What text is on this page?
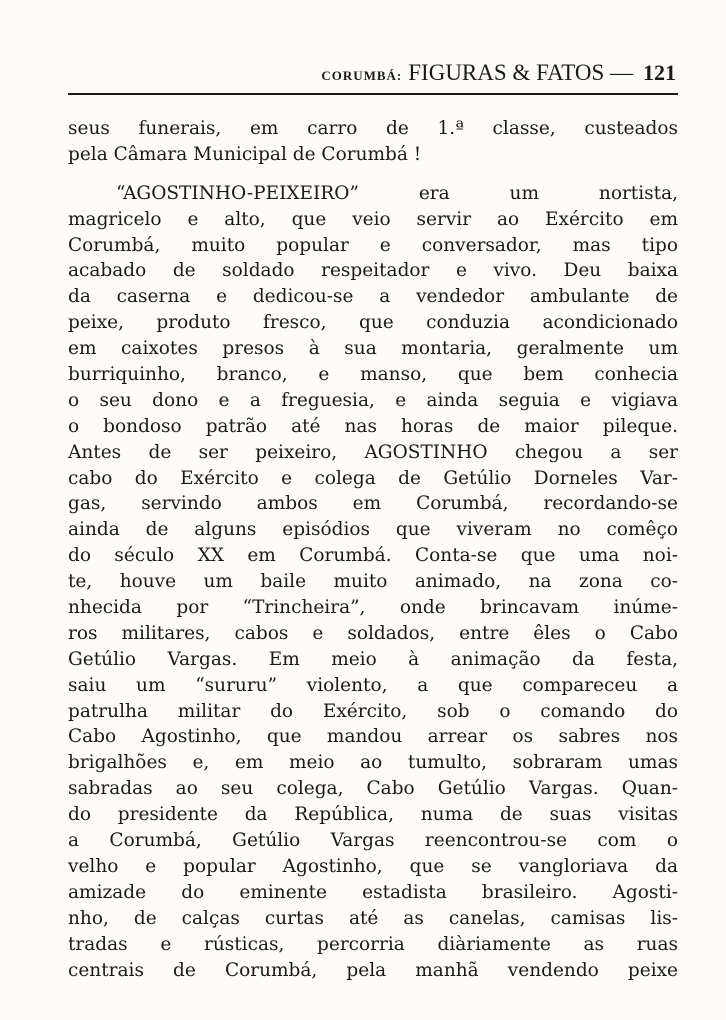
CORUMBÁ: FIGURAS & FATOS — 121
seus funerais, em carro de 1.ª classe, custeados
pela Câmara Municipal de Corumbá !
“AGOSTINHO-PEIXEIRO” era um nortista,
magricelo e alto, que veio servir ao Exército em
Corumbá, muito popular e conversador, mas tipo
acabado de soldado respeitador e vivo. Deu baixa
da caserna e dedicou-se a vendedor ambulante de
peixe, produto fresco, que conduzia acondicionado
em caixotes presos à sua montaria, geralmente um
burriquinho, branco, e manso, que bem conhecia
o seu dono e a freguesia, e ainda seguia e vigiava
o bondoso patrão até nas horas de maior pileque.
Antes de ser peixeiro, AGOSTINHO chegou a ser
cabo do Exército e colega de Getúlio Dorneles Var-
gas, servindo ambos em Corumbá, recordando-se
ainda de alguns episódios que viveram no comêço
do século XX em Corumbá. Conta-se que uma noi-
te, houve um baile muito animado, na zona co-
nhecida por “Trincheira”, onde brincavam inúme-
ros militares, cabos e soldados, entre êles o Cabo
Getúlio Vargas. Em meio à animação da festa,
saiu um “sururu” violento, a que compareceu a
patrulha militar do Exército, sob o comando do
Cabo Agostinho, que mandou arrear os sabres nos
brigalhões e, em meio ao tumulto, sobraram umas
sabradas ao seu colega, Cabo Getúlio Vargas. Quan-
do presidente da República, numa de suas visitas
a Corumbá, Getúlio Vargas reencontrou-se com o
velho e popular Agostinho, que se vangloriava da
amizade do eminente estadista brasileiro. Agosti-
nho, de calças curtas até as canelas, camisas lis-
tradas e rústicas, percorria diàriamente as ruas
centrais de Corumbá, pela manhã vendendo peixe
